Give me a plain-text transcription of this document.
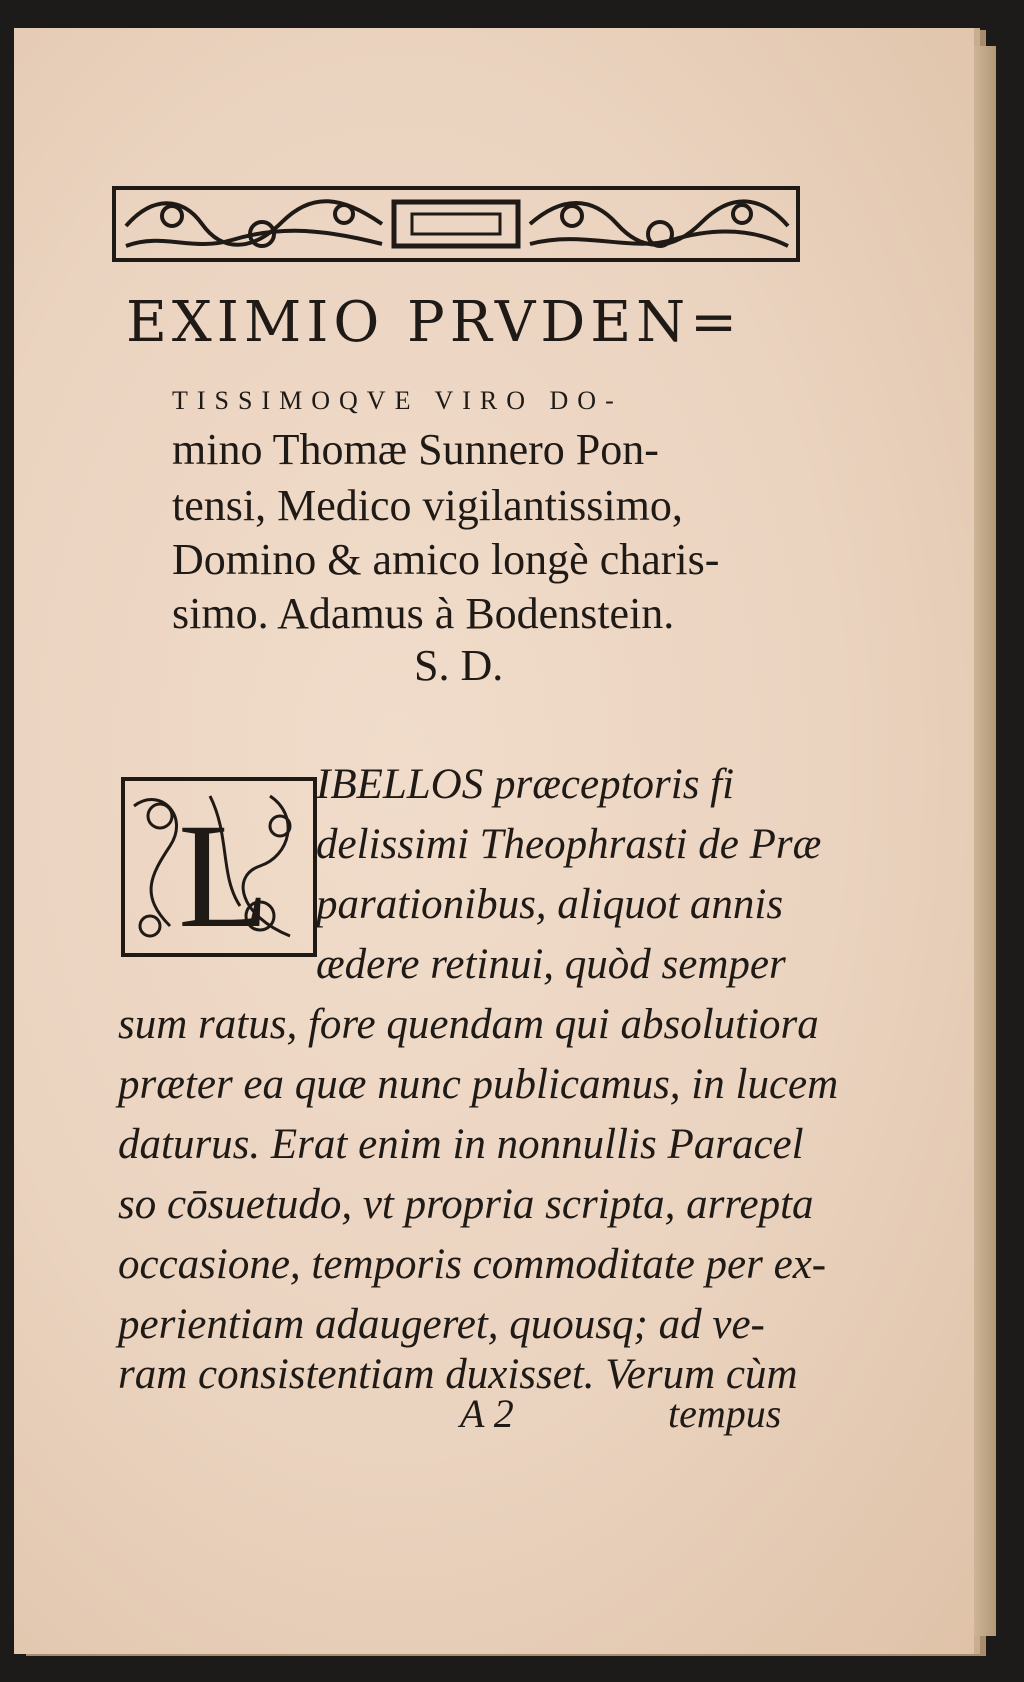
EXIMIO PRVDEN=
TISSIMOQVE VIRO DO-
mino Thomæ Sunnero Pon-
tensi, Medico vigilantissimo,
Domino & amico longè charis-
simo. Adamus à Bodenstein.
S. D.
L
IBELLOS præceptoris fi
delissimi Theophrasti de Præ
parationibus, aliquot annis
ædere retinui, quòd semper
sum ratus, fore quendam qui absolutiora
præter ea quæ nunc publicamus, in lucem
daturus. Erat enim in nonnullis Paracel
so cōsuetudo, vt propria scripta, arrepta
occasione, temporis commoditate per ex-
perientiam adaugeret, quousq; ad ve-
ram consistentiam duxisset. Verum cùm
A 2	tempus
